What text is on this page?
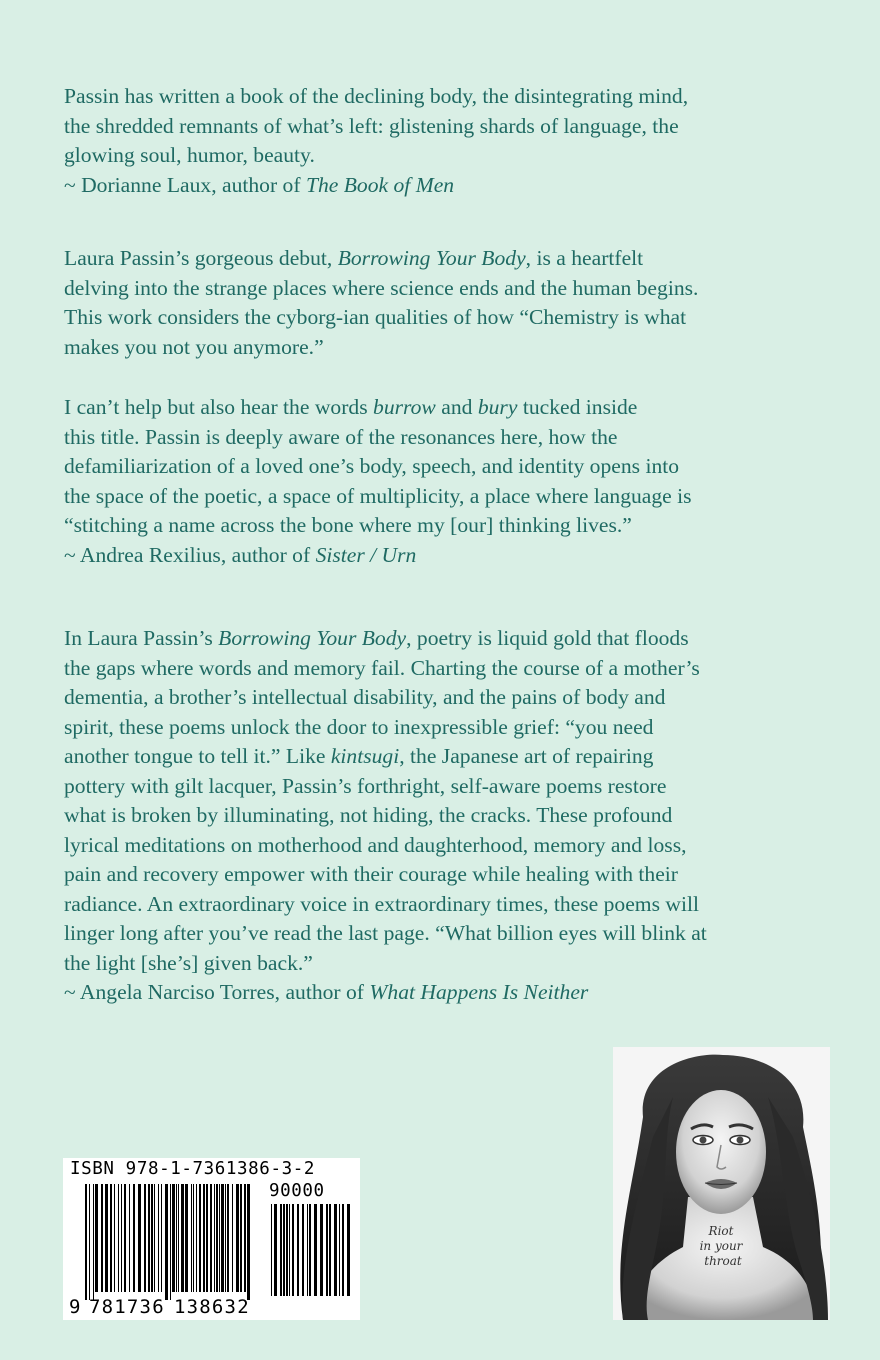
Passin has written a book of the declining body, the disintegrating mind,
the shredded remnants of what’s left: glistening shards of language, the
glowing soul, humor, beauty.
~ Dorianne Laux, author of The Book of Men

Laura Passin’s gorgeous debut, Borrowing Your Body, is a heartfelt
delving into the strange places where science ends and the human begins.
This work considers the cyborg-ian qualities of how “Chemistry is what
makes you not you anymore.”

I can’t help but also hear the words burrow and bury tucked inside
this title. Passin is deeply aware of the resonances here, how the
defamiliarization of a loved one’s body, speech, and identity opens into
the space of the poetic, a space of multiplicity, a place where language is
“stitching a name across the bone where my [our] thinking lives.”
~ Andrea Rexilius, author of Sister / Urn

In Laura Passin’s Borrowing Your Body, poetry is liquid gold that floods
the gaps where words and memory fail. Charting the course of a mother’s
dementia, a brother’s intellectual disability, and the pains of body and
spirit, these poems unlock the door to inexpressible grief: “you need
another tongue to tell it.” Like kintsugi, the Japanese art of repairing
pottery with gilt lacquer, Passin’s forthright, self-aware poems restore
what is broken by illuminating, not hiding, the cracks. These profound
lyrical meditations on motherhood and daughterhood, memory and loss,
pain and recovery empower with their courage while healing with their
radiance. An extraordinary voice in extraordinary times, these poems will
linger long after you’ve read the last page. “What billion eyes will blink at
the light [she’s] given back.”
~ Angela Narciso Torres, author of What Happens Is Neither

ISBN 978-1-7361386-3-2
90000
9 781736 138632
Riot
in your
throat
